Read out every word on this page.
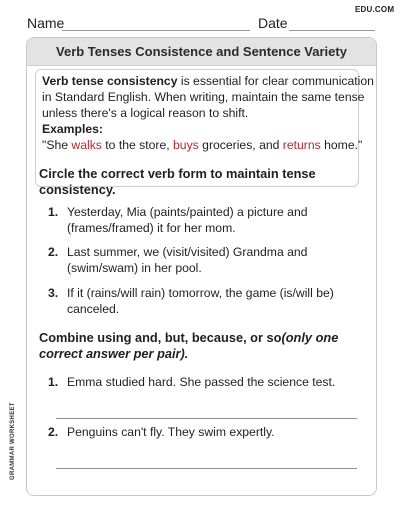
EDU.COM
Name	Date
Verb Tenses Consistence and Sentence Variety
Verb tense consistency is essential for clear communication
in Standard English. When writing, maintain the same tense
unless there's a logical reason to shift.
Examples:
"She walks to the store, buys groceries, and returns home."
Circle the correct verb form to maintain tense
consistency.
1. Yesterday, Mia (paints/painted) a picture and
(frames/framed) it for her mom.
2. Last summer, we (visit/visited) Grandma and
(swim/swam) in her pool.
3. If it (rains/will rain) tomorrow, the game (is/will be)
canceled.
Combine using and, but, because, or so(only one
correct answer per pair).
1. Emma studied hard. She passed the science test.
2. Penguins can't fly. They swim expertly.
GRAMMAR WORKSHEET
